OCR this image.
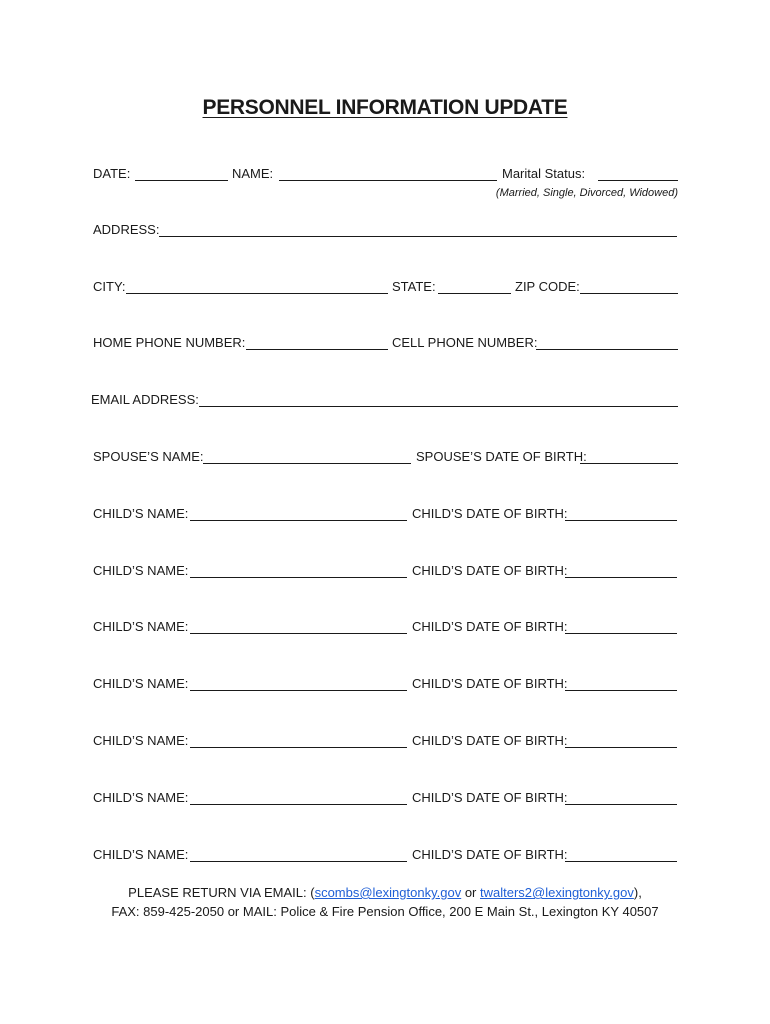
PERSONNEL INFORMATION UPDATE
DATE:	NAME:	Marital Status:
(Married, Single, Divorced, Widowed)
ADDRESS:
CITY:	STATE:	ZIP CODE:
HOME PHONE NUMBER:	CELL PHONE NUMBER:
EMAIL ADDRESS:
SPOUSE’S NAME:	SPOUSE’S DATE OF BIRTH:
CHILD’S NAME:	CHILD’S DATE OF BIRTH:
CHILD’S NAME:	CHILD’S DATE OF BIRTH:
CHILD’S NAME:	CHILD’S DATE OF BIRTH:
CHILD’S NAME:	CHILD’S DATE OF BIRTH:
CHILD’S NAME:	CHILD’S DATE OF BIRTH:
CHILD’S NAME:	CHILD’S DATE OF BIRTH:
CHILD’S NAME:	CHILD’S DATE OF BIRTH:
PLEASE RETURN VIA EMAIL: (scombs@lexingtonky.gov or twalters2@lexingtonky.gov),
FAX: 859-425-2050 or MAIL: Police & Fire Pension Office, 200 E Main St., Lexington KY 40507
